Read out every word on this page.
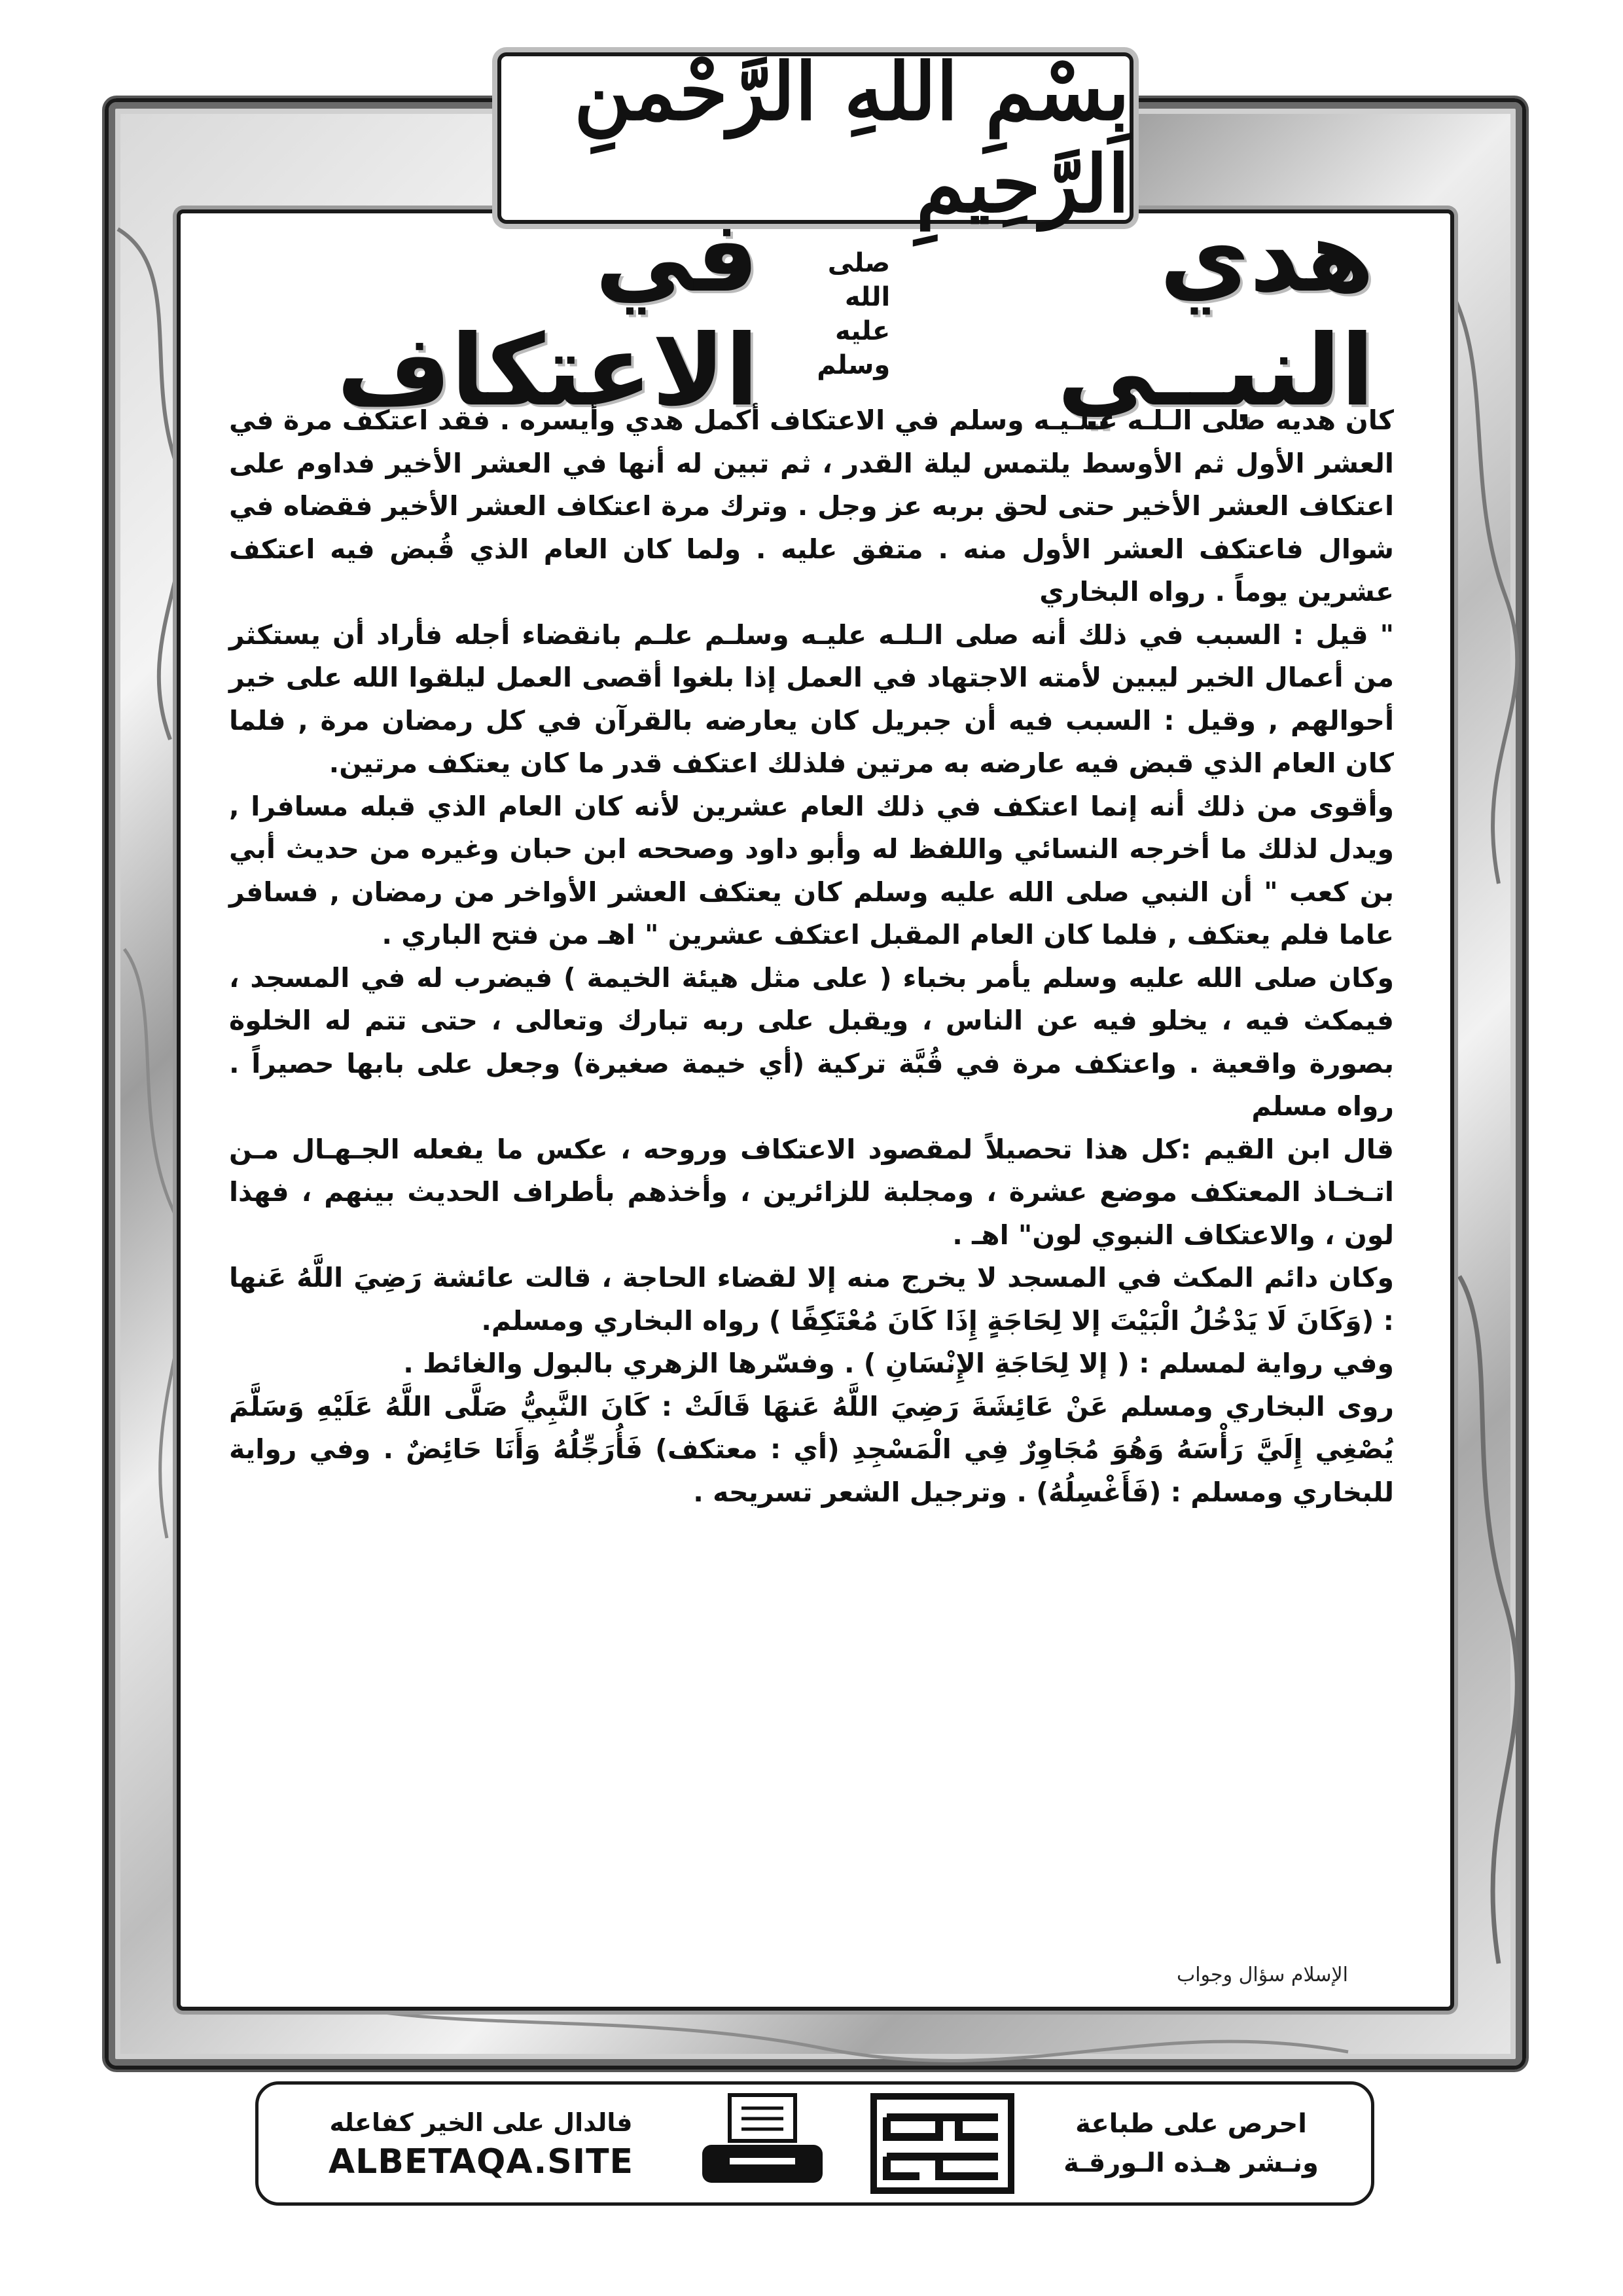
بِسْمِ اللهِ الرَّحْمنِ الرَّحِيمِ
هدي النبــي
صلى الله
عليه وسلم
في الاعتكاف

كان هديه صلى الـلـه عـلـيـه وسلم في الاعتكاف أكمل هدي وأيسره . فقد اعتكف مرة في العشر الأول ثم الأوسط يلتمس ليلة القدر ، ثم تبين له أنها في العشر الأخير فداوم على اعتكاف العشر الأخير حتى لحق بربه عز وجل . وترك مرة اعتكاف العشر الأخير فقضاه في شوال فاعتكف العشر الأول منه . متفق عليه . ولما كان العام الذي قُبض فيه اعتكف عشرين يوماً . رواه البخاري

" قيل : السبب في ذلك أنه صلى الـلـه عليـه وسلـم علـم بانقضاء أجله فأراد أن يستكثر من أعمال الخير ليبين لأمته الاجتهاد في العمل إذا بلغوا أقصى العمل ليلقوا الله على خير أحوالهم , وقيل : السبب فيه أن جبريل كان يعارضه بالقرآن في كل رمضان مرة , فلما كان العام الذي قبض فيه عارضه به مرتين فلذلك اعتكف قدر ما كان يعتكف مرتين.

وأقوى من ذلك أنه إنما اعتكف في ذلك العام عشرين لأنه كان العام الذي قبله مسافرا , ويدل لذلك ما أخرجه النسائي واللفظ له وأبو داود وصححه ابن حبان وغيره من حديث أبي بن كعب " أن النبي صلى الله عليه وسلم كان يعتكف العشر الأواخر من رمضان , فسافر عاما فلم يعتكف , فلما كان العام المقبل اعتكف عشرين " اهـ من فتح الباري .

وكان صلى الله عليه وسلم يأمر بخباء ( على مثل هيئة الخيمة ) فيضرب له في المسجد ، فيمكث فيه ، يخلو فيه عن الناس ، ويقبل على ربه تبارك وتعالى ، حتى تتم له الخلوة بصورة واقعية . واعتكف مرة في قُبَّة تركية (أي خيمة صغيرة) وجعل على بابها حصيراً . رواه مسلم

قال ابن القيم :كل هذا تحصيلاً لمقصود الاعتكاف وروحه ، عكس ما يفعله الجـهـال مـن اتـخـاذ المعتكف موضع عشرة ، ومجلبة للزائرين ، وأخذهم بأطراف الحديث بينهم ، فهذا لون ، والاعتكاف النبوي لون" اهـ .

وكان دائم المكث في المسجد لا يخرج منه إلا لقضاء الحاجة ، قالت عائشة رَضِيَ اللَّهُ عَنها : (وَكَانَ لَا يَدْخُلُ الْبَيْتَ إلا لِحَاجَةٍ إِذَا كَانَ مُعْتَكِفًا ) رواه البخاري ومسلم.

وفي رواية لمسلم : ( إلا لِحَاجَةِ الإِنْسَانِ ) . وفسّرها الزهري بالبول والغائط .

روى البخاري ومسلم عَنْ عَائِشَةَ رَضِيَ اللَّهُ عَنهَا قَالَتْ : كَانَ النَّبِيُّ صَلَّى اللَّهُ عَلَيْهِ وَسَلَّمَ يُصْغِي إِلَيَّ رَأْسَهُ وَهُوَ مُجَاوِرٌ فِي الْمَسْجِدِ (أي : معتكف) فَأُرَجِّلُهُ وَأَنَا حَائِضٌ . وفي رواية للبخاري ومسلم : (فَأَغْسِلُهُ) . وترجيل الشعر تسريحه .

الإسلام سؤال وجواب
احرص على طباعة
ونـشر هـذه الـورقـة
دعوة الورقة
فالدال على الخير كفاعله
ALBETAQA.SITE
